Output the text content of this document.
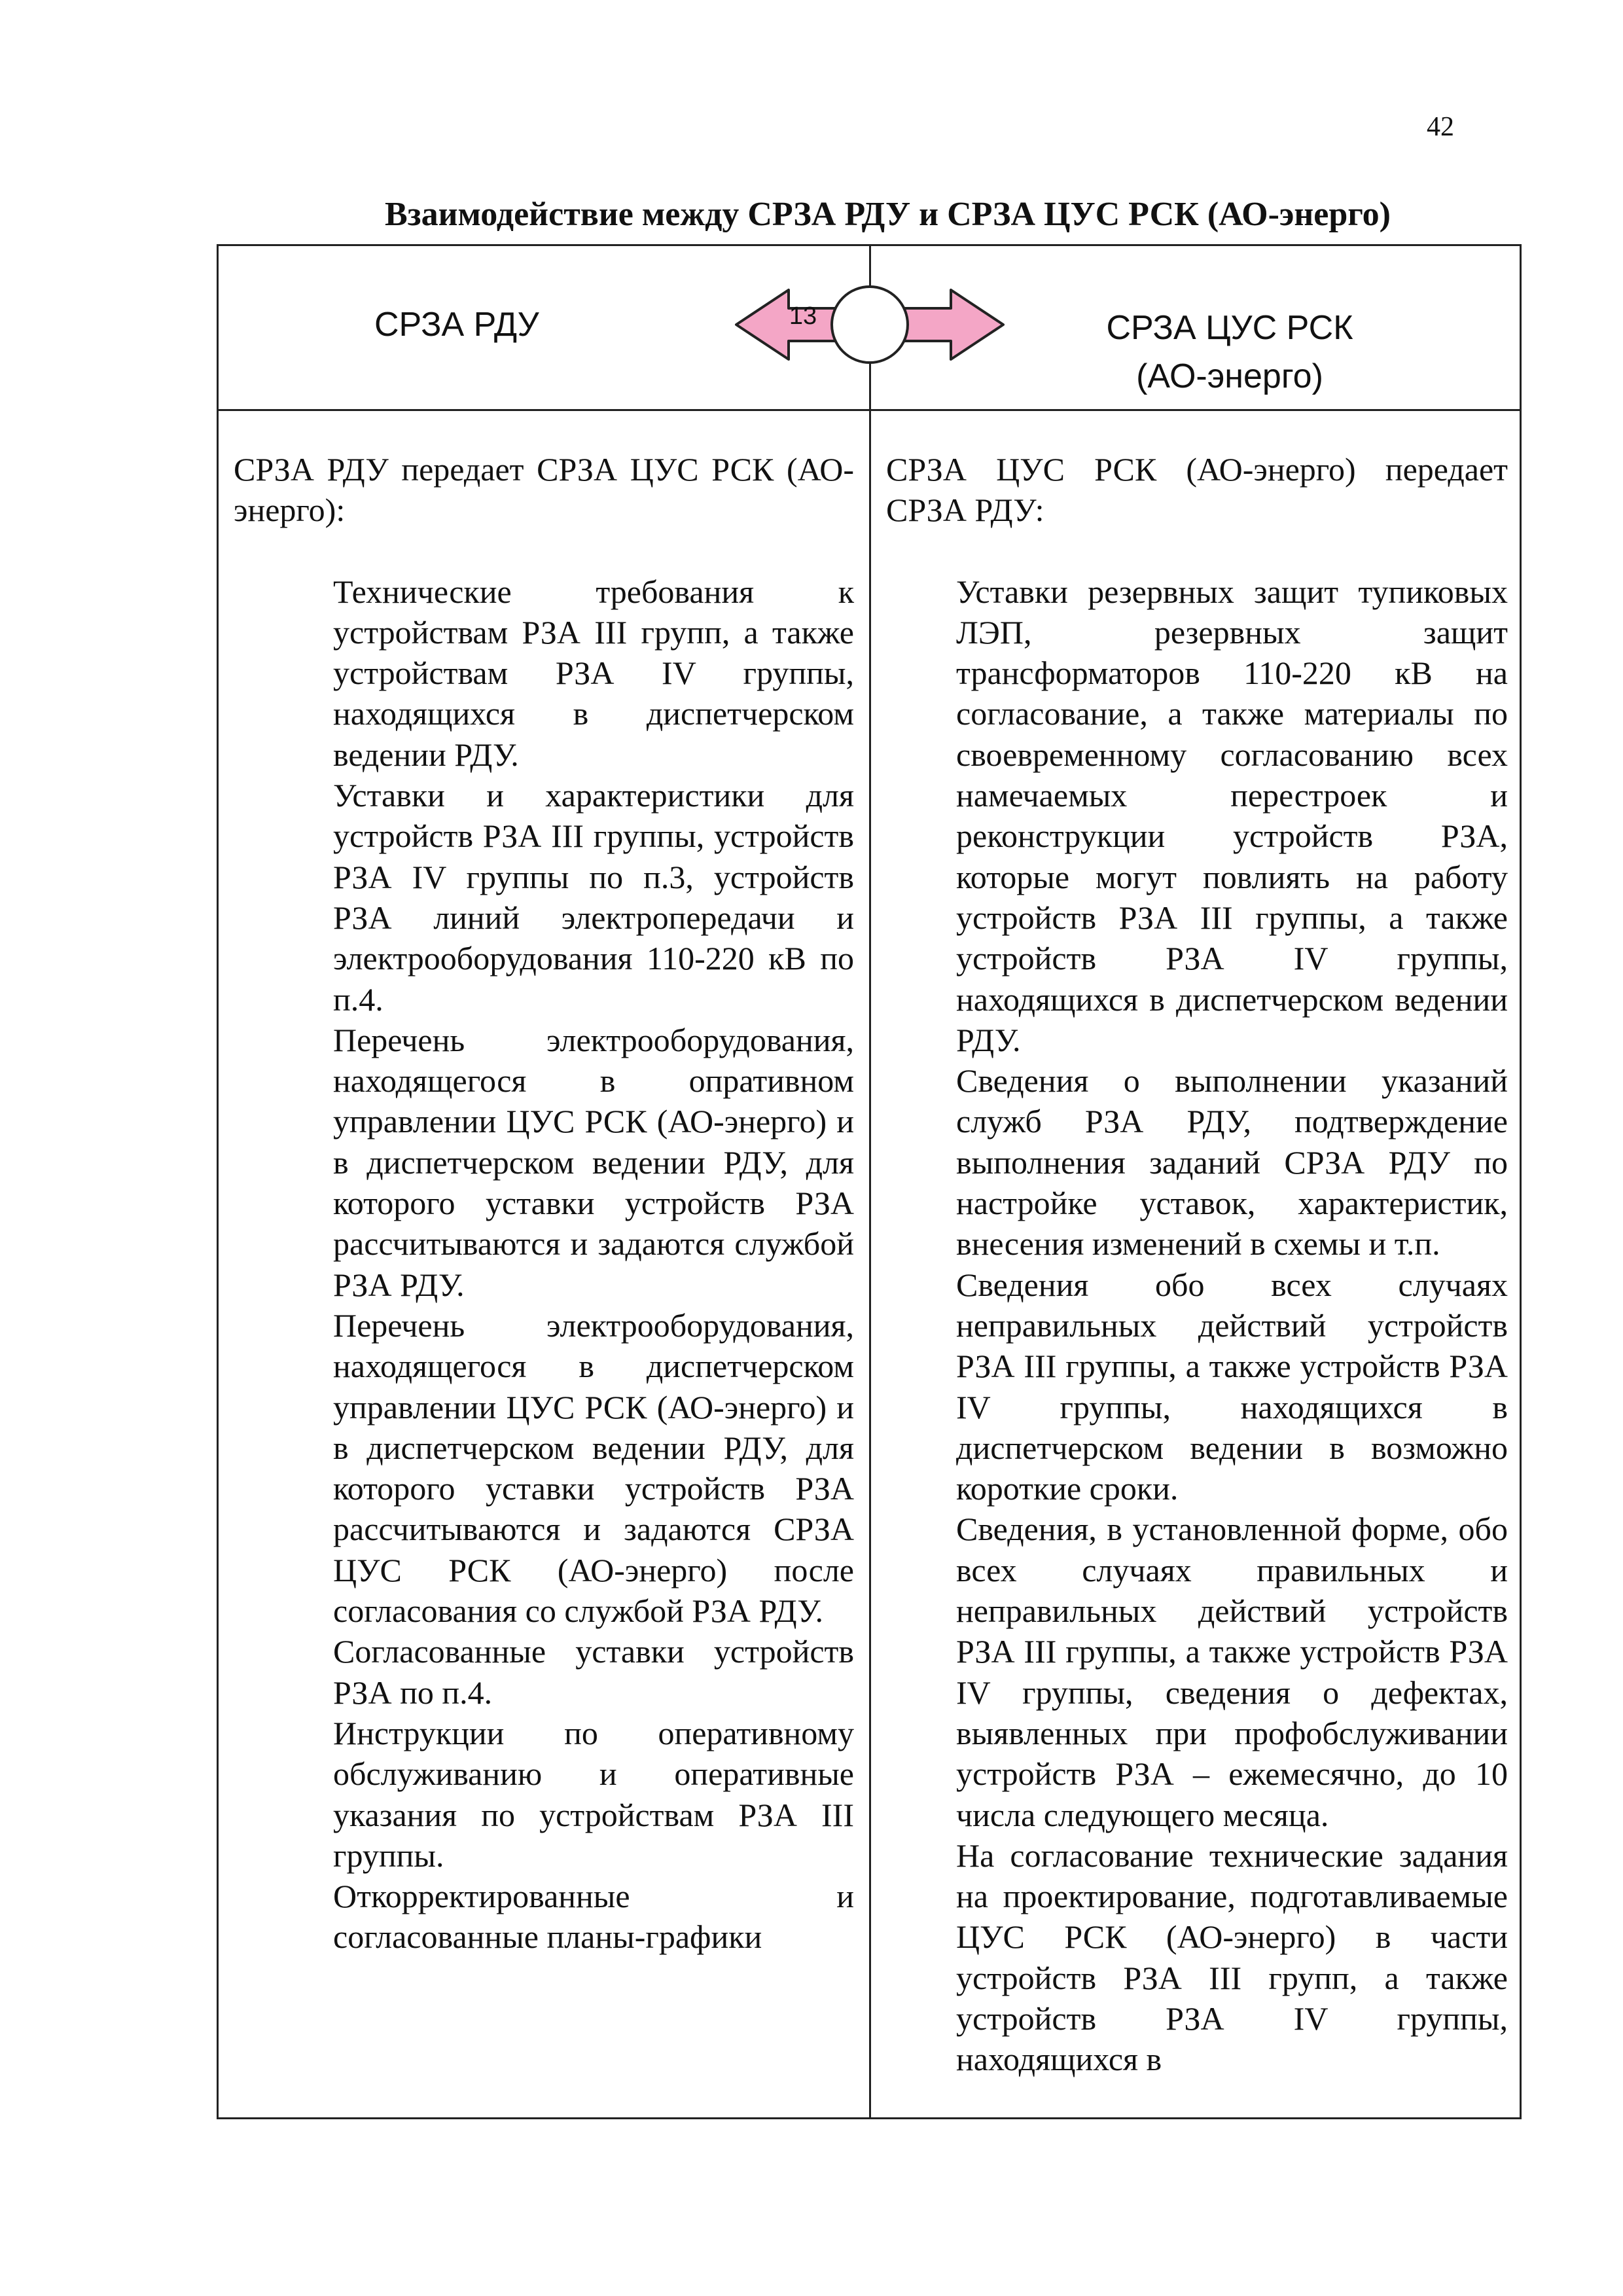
42
Взаимодействие между СРЗА РДУ и СРЗА ЦУС РСК (АО-энерго)
СРЗА РДУ	СРЗА ЦУС РСК
(АО-энерго)

СРЗА РДУ передает СРЗА ЦУС РСК (АО-энерго):

Технические требования к устройствам РЗА III групп, а также устройствам РЗА IV группы, находящихся в диспетчерском ведении РДУ.
Уставки и характеристики для устройств РЗА III группы, устройств РЗА IV группы по п.3, устройств РЗА линий электропередачи и электрооборудования 110-220 кВ по п.4.
Перечень электрооборудования, находящегося в опративном управлении ЦУС РСК (АО-энерго) и в диспетчерском ведении РДУ, для которого уставки устройств РЗА рассчитываются и задаются службой РЗА РДУ.
Перечень электрооборудования, находящегося в диспетчерском управлении ЦУС РСК (АО-энерго) и в диспетчерском ведении РДУ, для которого уставки устройств РЗА рассчитываются и задаются СРЗА ЦУС РСК (АО-энерго) после согласования со службой РЗА РДУ.
Согласованные уставки устройств РЗА по п.4.
Инструкции по оперативному обслуживанию и оперативные указания по устройствам РЗА III группы.
Откорректированные и согласованные планы-графики

СРЗА ЦУС РСК (АО-энерго) передает СРЗА РДУ:

Уставки резервных защит тупиковых ЛЭП, резервных защит трансформаторов 110-220 кВ на согласование, а также материалы по своевременному согласованию всех намечаемых перестроек и реконструкции устройств РЗА, которые могут повлиять на работу устройств РЗА III группы, а также устройств РЗА IV группы, находящихся в диспетчерском ведении РДУ.
Сведения о выполнении указаний служб РЗА РДУ, подтверждение выполнения заданий СРЗА РДУ по настройке уставок, характеристик, внесения изменений в схемы и т.п.
Сведения обо всех случаях неправильных действий устройств РЗА III группы, а также устройств РЗА IV группы, находящихся в диспетчерском ведении в возможно короткие сроки.
Сведения, в установленной форме, обо всех случаях правильных и неправильных действий устройств РЗА III группы, а также устройств РЗА IV группы, сведения о дефектах, выявленных при профобслуживании устройств РЗА – ежемесячно, до 10 числа следующего месяца.
На согласование технические задания на проектирование, подготавливаемые ЦУС РСК (АО-энерго) в части устройств РЗА III групп, а также устройств РЗА IV группы, находящихся в
13
